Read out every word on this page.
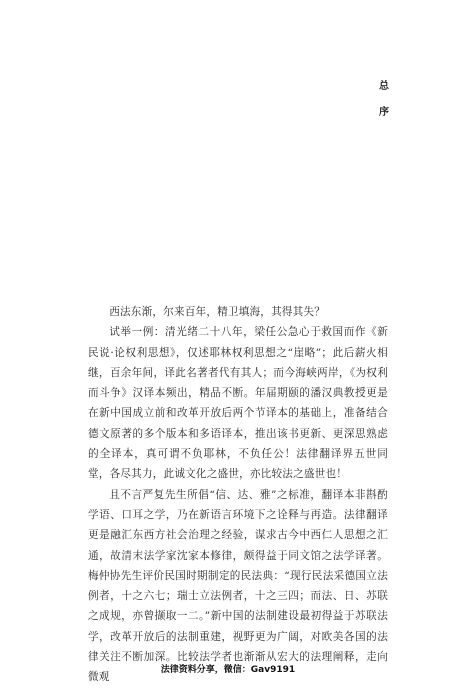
总
序

西法东渐，尔来百年，精卫填海，其得其失？

试举一例：清光绪二十八年，梁任公急心于救国而作《新民说·论权利思想》，仅述耶林权利思想之“崖略”；此后薪火相继，百余年间，译此名著者代有其人；而今海峡两岸，《为权利而斗争》汉译本频出，精品不断。年届期颐的潘汉典教授更是在新中国成立前和改革开放后两个节译本的基础上，准备结合德文原著的多个版本和多语译本，推出该书更新、更深思熟虑的全译本，真可谓不负耶林，不负任公！法律翻译界五世同堂，各尽其力，此诚文化之盛世，亦比较法之盛世也！

且不言严复先生所倡“信、达、雅”之标准，翻译本非斟酌学语、口耳之学，乃在新语言环境下之诠释与再造。法律翻译更是融汇东西方社会治理之经验，谋求古今中西仁人思想之汇通，故清末法学家沈家本修律，颇得益于同文馆之法学译著。梅仲协先生评价民国时期制定的民法典：“现行民法采德国立法例者，十之六七；瑞士立法例者，十之三四；而法、日、苏联之成规，亦曾撷取一二。”新中国的法制建设最初得益于苏联法学，改革开放后的法制重建，视野更为广阔，对欧美各国的法律关注不断加深。比较法学者也渐渐从宏大的法理阐释，走向微观

法律资料分享，微信：Gav9191
